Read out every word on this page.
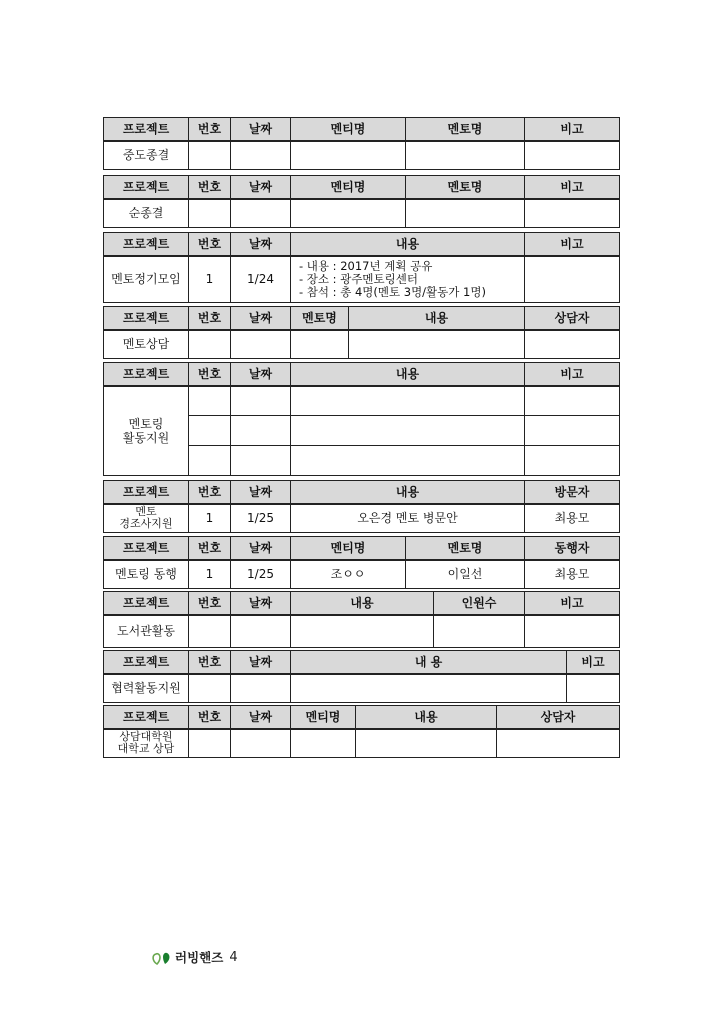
프로젝트	번호	날짜	멘티명	멘토명	비고
중도종결					
프로젝트	번호	날짜	멘티명	멘토명	비고
순종결					
프로젝트	번호	날짜	내용	비고
멘토정기모임	1	1/24	- 내용 : 2017년 계획 공유
- 장소 : 광주멘토링센터
- 참석 : 총 4명(멘토 3명/활동가 1명)	

프로젝트	번호	날짜	멘토명	내용	상담자
멘토상담					
프로젝트	번호	날짜	내용	비고

멘토링
활동지원				

프로젝트	번호	날짜	내용	방문자

멘토
경조사지원	1	1/25	오은경 멘토 병문안	최용모
프로젝트	번호	날짜	멘티명	멘토명	동행자
멘토링 동행	1	1/25	조ㅇㅇ	이일선	최용모
프로젝트	번호	날짜	내용	인원수	비고
도서관활동					
프로젝트	번호	날짜	내 용	비고
협력활동지원				
프로젝트	번호	날짜	멘티명	내용	상담자

상담대학원
대학교 상담					

러빙핸즈 4
